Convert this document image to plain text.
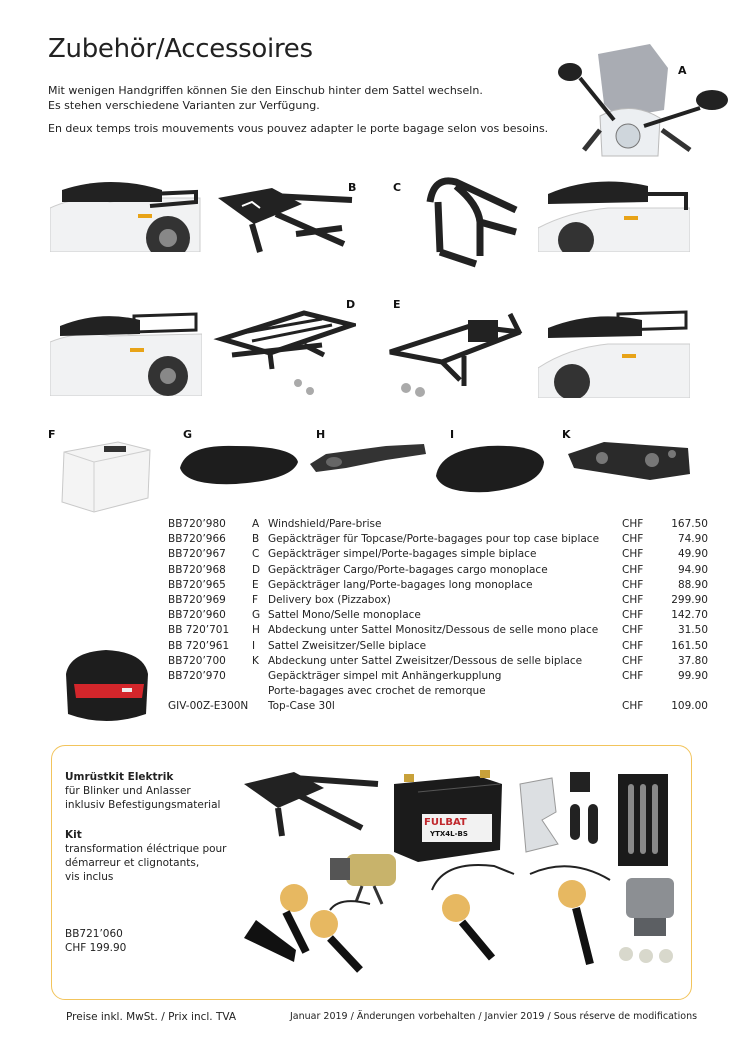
Zubehör/Accessoires
Mit wenigen Handgriffen können Sie den Einschub hinter dem Sattel wechseln.
Es stehen verschiedene Varianten zur Verfügung.
En deux temps trois mouvements vous pouvez adapter le porte bagage selon vos besoins.
A
B	C
D	E
F	G	H	I	K
BB720’980	A	Windshield/Pare-brise	CHF	167.50
BB720’966	B	Gepäckträger für Topcase/Porte-bagages pour top case biplace	CHF	74.90
BB720’967	C	Gepäckträger simpel/Porte-bagages simple biplace	CHF	49.90
BB720’968	D	Gepäckträger Cargo/Porte-bagages cargo monoplace	CHF	94.90
BB720’965	E	Gepäckträger lang/Porte-bagages long monoplace	CHF	88.90
BB720’969	F	Delivery box (Pizzabox)	CHF	299.90
BB720’960	G	Sattel Mono/Selle monoplace	CHF	142.70
BB 720’701	H	Abdeckung unter Sattel Monositz/Dessous de selle mono place	CHF	31.50
BB 720’961	I	Sattel Zweisitzer/Selle biplace	CHF	161.50
BB720’700	K	Abdeckung unter Sattel Zweisitzer/Dessous de selle biplace	CHF	37.80
BB720’970		Gepäckträger simpel mit Anhängerkupplung	CHF	99.90
		Porte-bagages avec crochet de remorque		
GIV-00Z-E300N		Top-Case 30l	CHF	109.00
Umrüstkit Elektrik
für Blinker und Anlasser
inklusiv Befestigungsmaterial
Kit
transformation éléctrique pour
démarreur et clignotants,
vis inclus
BB721’060
CHF 199.90
FULBAT
YTX4L-BS
Preise inkl. MwSt. / Prix incl. TVA	Januar 2019 / Änderungen vorbehalten / Janvier 2019 / Sous réserve de modifications
